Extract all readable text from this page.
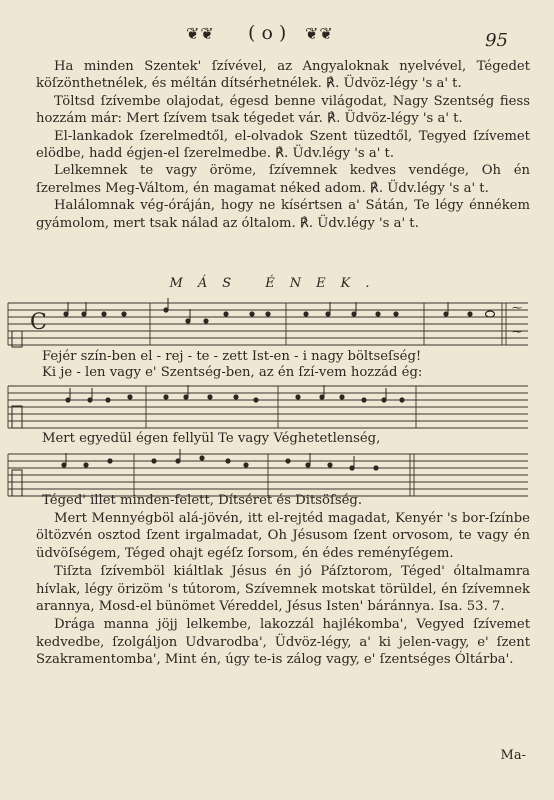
❦❦ ( o ) ❦❦	95

Ha minden Szentek' ſzívével, az Angyaloknak nyelvével, Tégedet köſzönthetnélek, és méltán dítsérhetnélek. ℟. Üdvöz-légy 's a' t.

Töltsd ſzívembe olajodat, égesd benne világodat, Nagy Szentség fiess hozzám már: Mert ſzívem tsak tégedet vár. ℟. Üdvöz-légy 's a' t.

El-lankadok ſzerelmedtől, el-olvadok Szent tüzedtől, Tegyed ſzívemet elödbe, hadd égjen-el ſzerelmedbe. ℟. Üdv.légy 's a' t.

Lelkemnek te vagy öröme, ſzívemnek kedves vendége, Oh én ſzerelmes Meg-Váltom, én magamat néked adom. ℟. Üdv.légy 's a' t.

Halálomnak vég-óráján, hogy ne kísértsen a' Sátán, Te légy énnékem gyámolom, mert tsak nálad az óltalom. ℟. Üdv.légy 's a' t.

MÁS ÉNEK.
C
⁓
⁓
Fejér szín-ben el - rej - te - zett Ist-en - i nagy böltseſség!
Ki je - len vagy e' Szentség-ben, az én ſzí-vem hozzád ég:
Mert egyedül égen fellyül Te vagy Véghetetlenség,
Téged' illet minden-felett, Dítséret és Ditsöſség.

Mert Mennyégböl alá-jövén, itt el-rejtéd magadat, Kenyér 's bor-ſzínbe öltözvén osztod ſzent irgalmadat, Oh Jésusom ſzent orvosom, te vagy én üdvöſségem, Téged ohajt egéſz ſorsom, én édes reményſégem.

Tiſzta ſzívemböl kiáltlak Jésus én jó Páſztorom, Téged' óltalmamra hívlak, légy örizöm 's tútorom, Szívemnek motskat törüldel, én ſzívemnek arannya, Mosd-el bünömet Véreddel, Jésus Isten' báránnya. Isa. 53. 7.

Drága manna jöjj lelkembe, lakozzál hajlékomba', Vegyed ſzívemet kedvedbe, ſzolgáljon Udvarodba', Üdvöz-légy, a' ki jelen-vagy, e' ſzent Szakramentomba', Mint én, úgy te-is zálog vagy, e' ſzentséges Óltárba'.

Ma-
